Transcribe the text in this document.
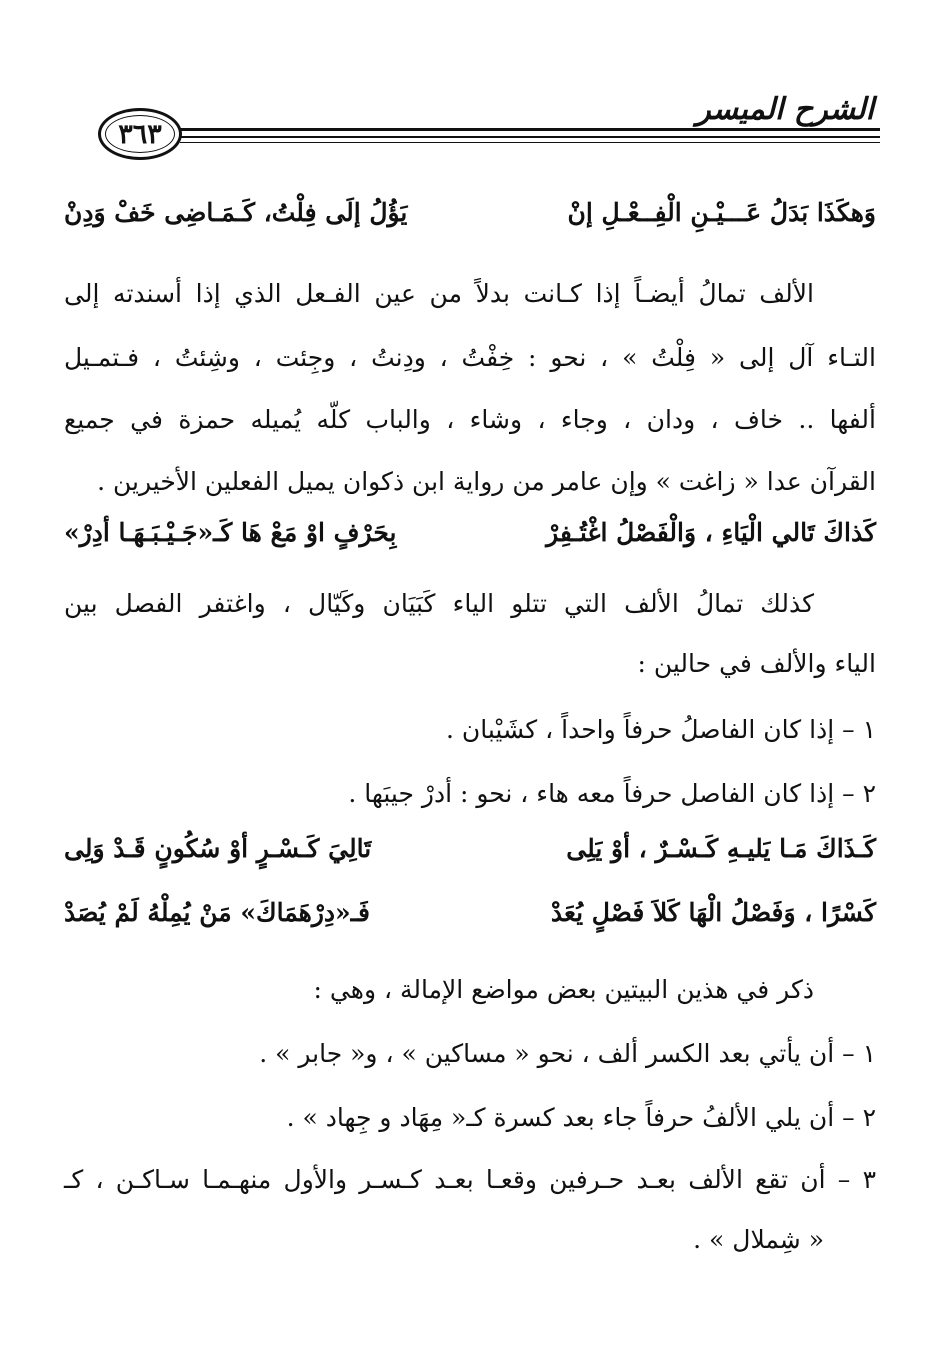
الشرح الميسر
٣٦٣
وَهكَذَا بَدَلُ عَـــيْـنِ الْفِــعْـلِ إنْ
يَؤُلُ إلَى فِلْتُ، كَـمَـاضِى خَفْ وَدِنْ
الألف تمالُ أيضـاً إذا كـانت بدلاً من عين الفـعل الذي إذا أسندته إلى
التـاء آل إلى « فِلْتُ » ، نحو : خِفْتُ ، ودِنتُ ، وجِئت ، وشِئتُ ، فـتمـيل
ألفها .. خاف ، ودان ، وجاء ، وشاء ، والباب كلّه يُميله حمزة في جميع
القرآن عدا « زاغت » وإن عامر من رواية ابن ذكوان يميل الفعلين الأخيرين .
كَذاكَ تَالي الْيَاءِ ، وَالْفَصْلُ اغْتُـفِرْ
بِحَرْفٍ اوْ مَعْ هَا كَـ«جَـيْـبَـهَـا أدِرْ»
كذلك تمالُ الألف التي تتلو الياء كَبَيَان وكَيّال ، واغتفر الفصل بين
الياء والألف في حالين :
١ – إذا كان الفاصلُ حرفاً واحداً ، كشَيْبان .
٢ – إذا كان الفاصل حرفاً معه هاء ، نحو : أدرْ جيبَها .
كَـذَاكَ مَـا يَليـهِ كَـسْـرٌ ، أوْ يَلِى
تَالِيَ كَـسْـرٍ أوْ سُكُونٍ قَـدْ وَلِى
كَسْرًا ، وَفَصْلُ الْهَا كَلاَ فَصْلٍ يُعَدْ
فَـ«دِرْهَمَاكَ» مَنْ يُمِلْهُ لَمْ يُصَدْ
ذكر في هذين البيتين بعض مواضع الإمالة ، وهي :
١ – أن يأتي بعد الكسر ألف ، نحو « مساكين » ، و« جابر » .
٢ – أن يلي الألفُ حرفاً جاء بعد كسرة كـ« مِهَاد و جِهاد » .
٣ – أن تقع الألف بعـد حـرفين وقعـا بعـد كـسـر والأول منهـمـا سـاكـن ، كـ
« شِملال » .
